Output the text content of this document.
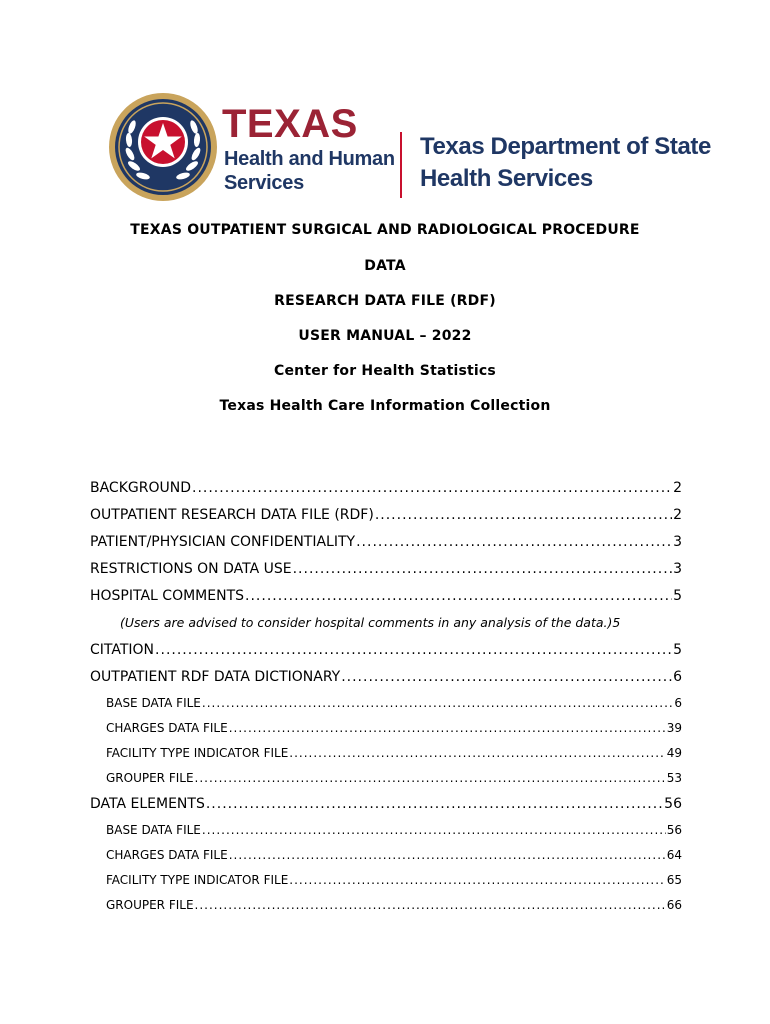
TEXAS
Health and Human
Services
Texas Department of State
Health Services
TEXAS OUTPATIENT SURGICAL AND RADIOLOGICAL PROCEDURE
DATA
RESEARCH DATA FILE (RDF)
USER MANUAL – 2022
Center for Health Statistics
Texas Health Care Information Collection
BACKGROUND .....	2
OUTPATIENT RESEARCH DATA FILE (RDF) .....	2
PATIENT/PHYSICIAN CONFIDENTIALITY .....	3
RESTRICTIONS ON DATA USE .....	3
HOSPITAL COMMENTS .....	5
(Users are advised to consider hospital comments in any analysis of the data.) 5
CITATION .....	5
OUTPATIENT RDF DATA DICTIONARY .....	6
BASE DATA FILE .....	6
CHARGES DATA FILE .....	39
FACILITY TYPE INDICATOR FILE .....	49
GROUPER FILE .....	53
DATA ELEMENTS .....	56
BASE DATA FILE .....	56
CHARGES DATA FILE .....	64
FACILITY TYPE INDICATOR FILE .....	65
GROUPER FILE .....	66
